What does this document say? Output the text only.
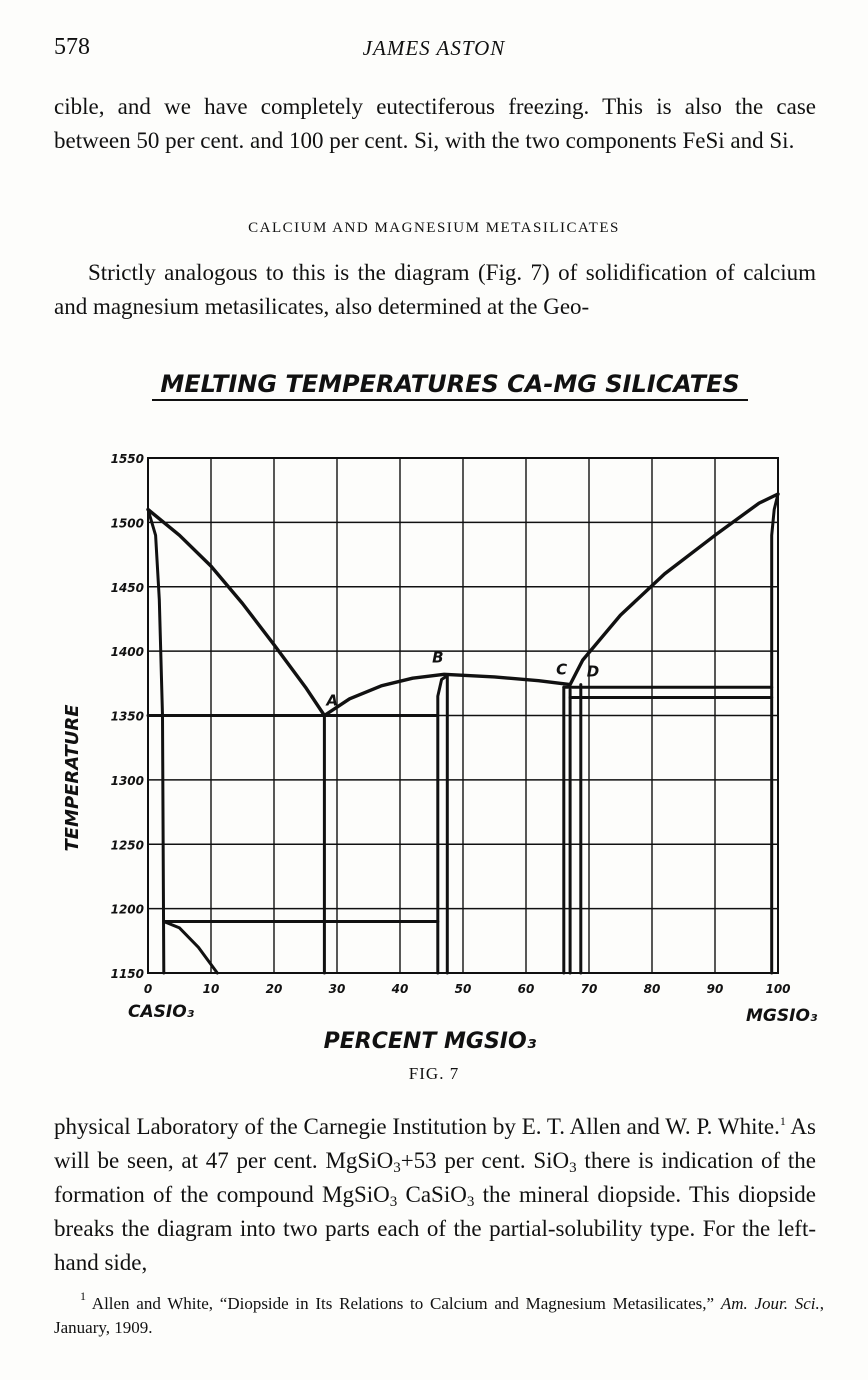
578	JAMES ASTON

cible, and we have completely eutectiferous freezing. This is also the case between 50 per cent. and 100 per cent. Si, with the two components FeSi and Si.

CALCIUM AND MAGNESIUM METASILICATES

Strictly analogous to this is the diagram (Fig. 7) of solidification of calcium and magnesium metasilicates, also determined at the Geo-

MELTING TEMPERATURES CA-MG SILICATES
1150
1200
1250
1300
1350
1400
1450
1500
1550
0	10	20	30	40	50	60	70	80	90	100
A
B
C D
TEMPERATURE
CASIO₃	MGSIO₃
PERCENT MGSIO₃
FIG. 7

physical Laboratory of the Carnegie Institution by E. T. Allen and W. P. White.$^1$ As will be seen, at 47 per cent. MgSiO$_3$+53 per cent. SiO$_3$ there is indication of the formation of the compound MgSiO$_3$ CaSiO$_3$ the mineral diopside. This diopside breaks the diagram into two parts each of the partial-solubility type. For the left-hand side,

$^1$ Allen and White, “Diopside in Its Relations to Calcium and Magnesium Metasilicates,” Am. Jour. Sci., January, 1909.
